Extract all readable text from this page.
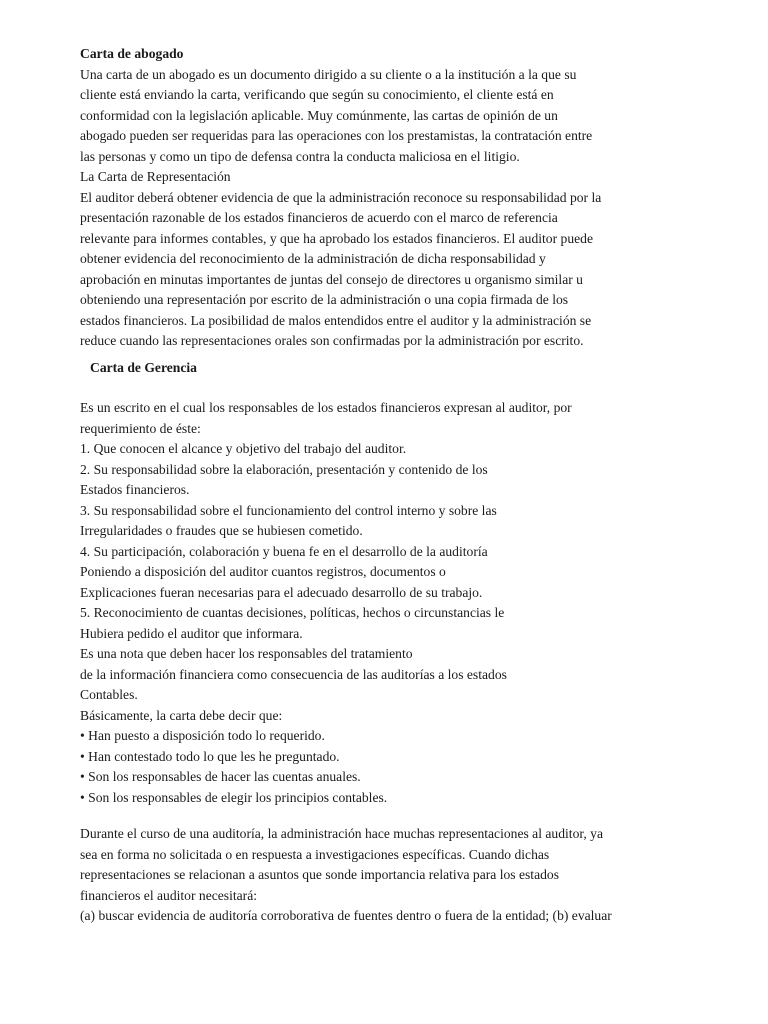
Carta de abogado
Una carta de un abogado es un documento dirigido a su cliente o a la institución a la que su
cliente está enviando la carta, verificando que según su conocimiento, el cliente está en
conformidad con la legislación aplicable. Muy comúnmente, las cartas de opinión de un
abogado pueden ser requeridas para las operaciones con los prestamistas, la contratación entre
las personas y como un tipo de defensa contra la conducta maliciosa en el litigio.
La Carta de Representación
El auditor deberá obtener evidencia de que la administración reconoce su responsabilidad por la
presentación razonable de los estados financieros de acuerdo con el marco de referencia
relevante para informes contables, y que ha aprobado los estados financieros. El auditor puede
obtener evidencia del reconocimiento de la administración de dicha responsabilidad y
aprobación en minutas importantes de juntas del consejo de directores u organismo similar u
obteniendo una representación por escrito de la administración o una copia firmada de los
estados financieros. La posibilidad de malos entendidos entre el auditor y la administración se
reduce cuando las representaciones orales son confirmadas por la administración por escrito.
Carta de Gerencia
Es un escrito en el cual los responsables de los estados financieros expresan al auditor, por
requerimiento de éste:
1. Que conocen el alcance y objetivo del trabajo del auditor.
2. Su responsabilidad sobre la elaboración, presentación y contenido de los
Estados financieros.
3. Su responsabilidad sobre el funcionamiento del control interno y sobre las
Irregularidades o fraudes que se hubiesen cometido.
4. Su participación, colaboración y buena fe en el desarrollo de la auditoría
Poniendo a disposición del auditor cuantos registros, documentos o
Explicaciones fueran necesarias para el adecuado desarrollo de su trabajo.
5. Reconocimiento de cuantas decisiones, políticas, hechos o circunstancias le
Hubiera pedido el auditor que informara.
Es una nota que deben hacer los responsables del tratamiento
de la información financiera como consecuencia de las auditorías a los estados
Contables.
Básicamente, la carta debe decir que:
• Han puesto a disposición todo lo requerido.
• Han contestado todo lo que les he preguntado.
• Son los responsables de hacer las cuentas anuales.
• Son los responsables de elegir los principios contables.
Durante el curso de una auditoría, la administración hace muchas representaciones al auditor, ya
sea en forma no solicitada o en respuesta a investigaciones específicas. Cuando dichas
representaciones se relacionan a asuntos que sonde importancia relativa para los estados
financieros el auditor necesitará:
(a) buscar evidencia de auditoría corroborativa de fuentes dentro o fuera de la entidad; (b) evaluar
